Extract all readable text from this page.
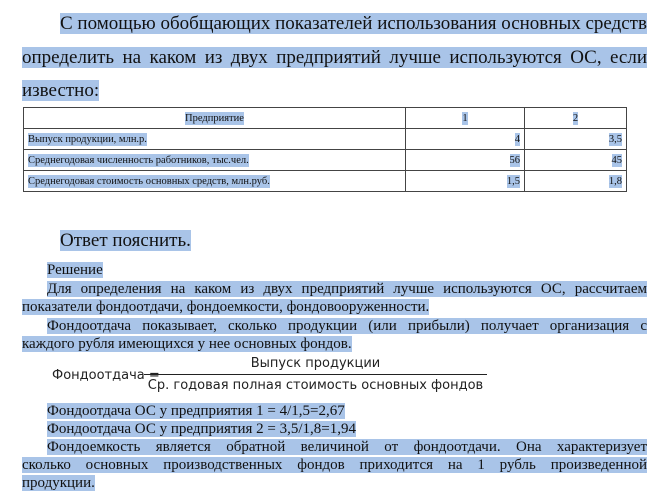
С помощью обобщающих показателей использования основных средств
определить на каком из двух предприятий лучше используются ОС, если
известно:
Предприятие	1	2
Выпуск продукции, млн.р.	4	3,5
Среднегодовая численность работников, тыс.чел.	56	45
Среднегодовая стоимость основных средств, млн.руб.	1,5	1,8
Ответ пояснить.
Решение
Для определения на каком из двух предприятий лучше используются ОС, рассчитаем
показатели фондоотдачи, фондоемкости, фондовооруженности.
Фондоотдача показывает, сколько продукции (или прибыли) получает организация с
каждого рубля имеющихся у нее основных фондов.
Фондоотдача =
Выпуск продукции
Ср. годовая полная стоимость основных фондов
Фондоотдача ОС у предприятия 1 = 4/1,5=2,67
Фондоотдача ОС у предприятия 2 = 3,5/1,8=1,94
Фондоемкость является обратной величиной от фондоотдачи. Она характеризует
сколько основных производственных фондов приходится на 1 рубль произведенной
продукции.
